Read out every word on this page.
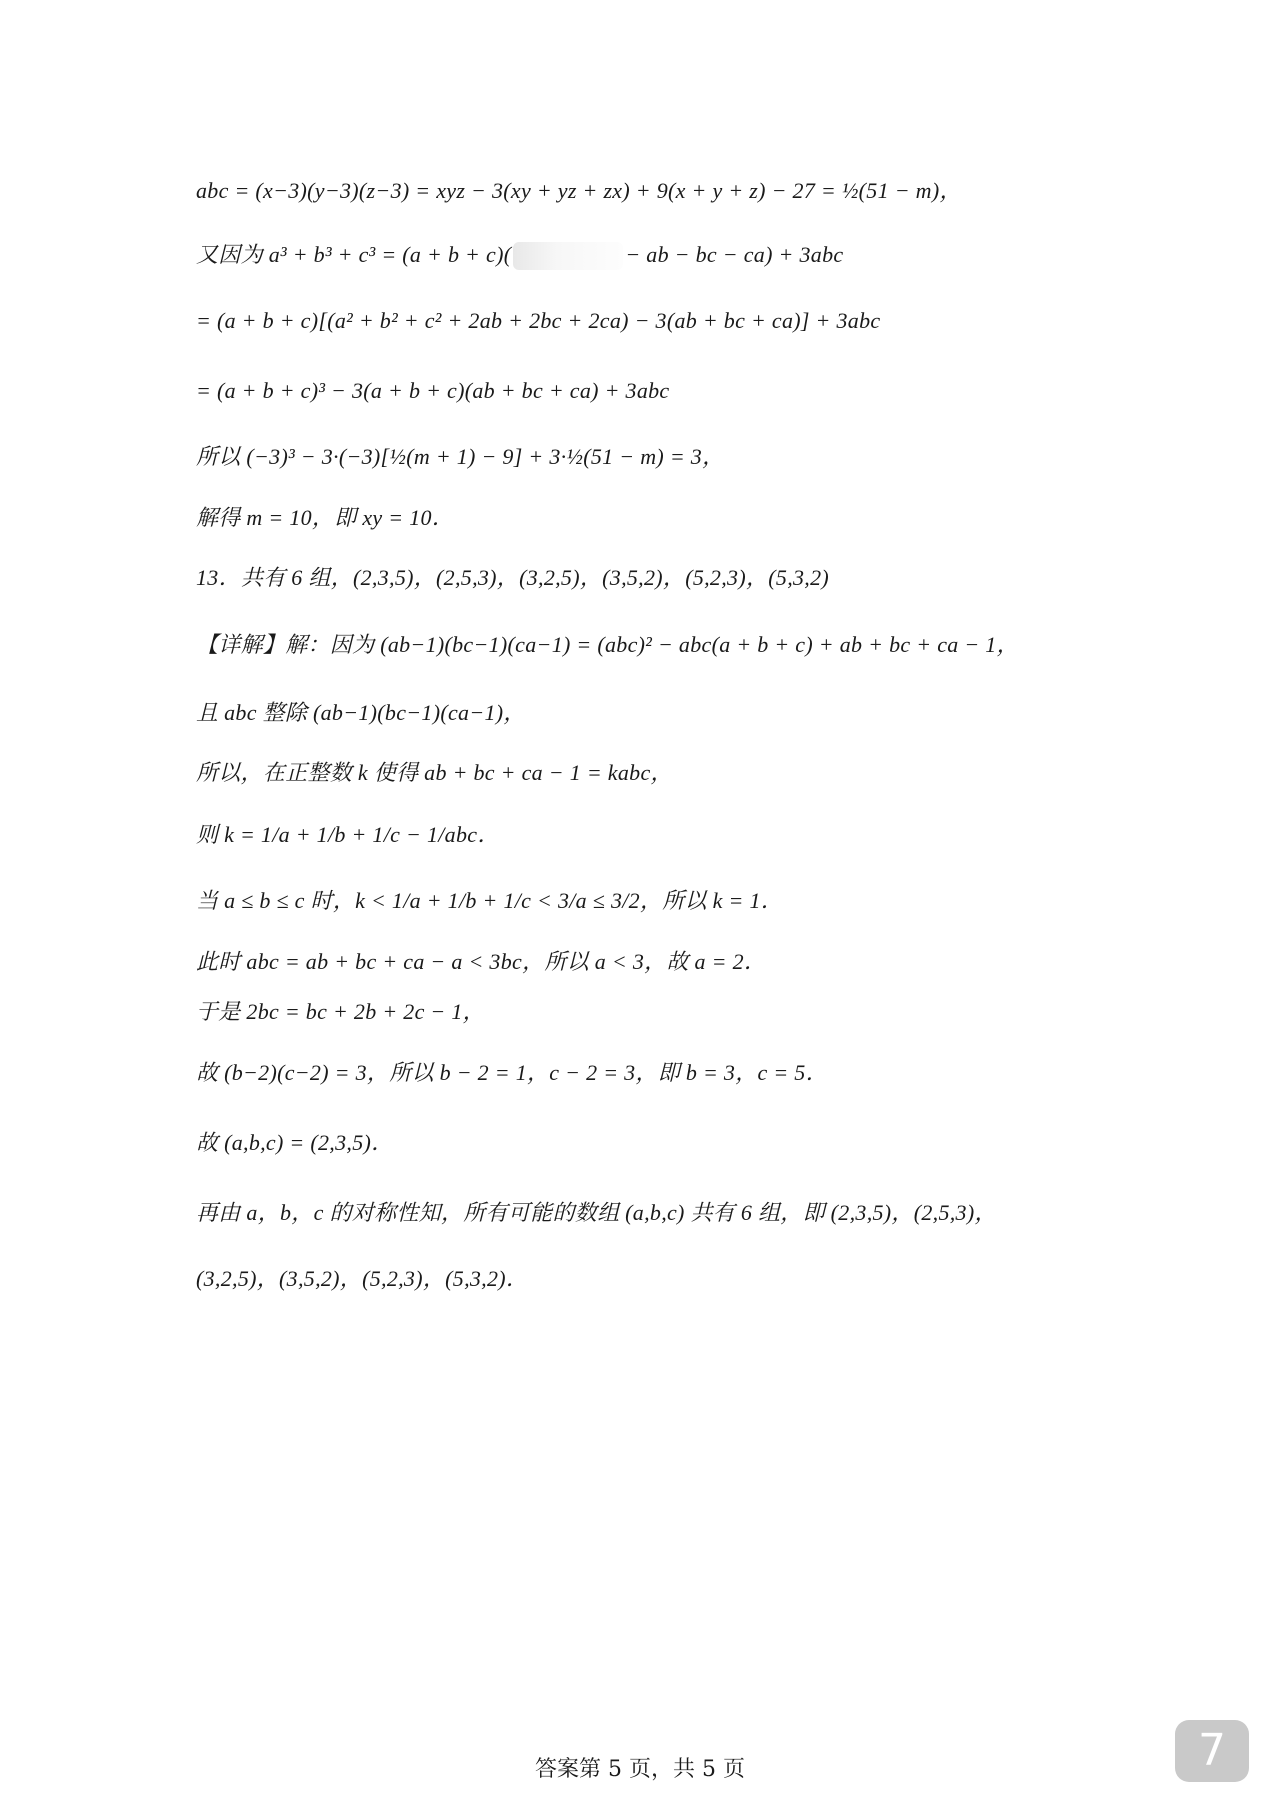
abc = (x−3)(y−3)(z−3) = xyz − 3(xy + yz + zx) + 9(x + y + z) − 27 = ½(51 − m)，
又因为 a³ + b³ + c³ = (a + b + c)(	− ab − bc − ca) + 3abc
= (a + b + c)[(a² + b² + c² + 2ab + 2bc + 2ca) − 3(ab + bc + ca)] + 3abc
= (a + b + c)³ − 3(a + b + c)(ab + bc + ca) + 3abc
所以 (−3)³ − 3·(−3)[½(m + 1) − 9] + 3·½(51 − m) = 3，
解得 m = 10，即 xy = 10．
13．共有 6 组，(2,3,5)，(2,5,3)，(3,2,5)，(3,5,2)，(5,2,3)，(5,3,2)
【详解】解：因为 (ab−1)(bc−1)(ca−1) = (abc)² − abc(a + b + c) + ab + bc + ca − 1，
且 abc 整除 (ab−1)(bc−1)(ca−1)，
所以，在正整数 k 使得 ab + bc + ca − 1 = kabc，
则 k = 1/a + 1/b + 1/c − 1/abc．
当 a ≤ b ≤ c 时，k < 1/a + 1/b + 1/c < 3/a ≤ 3/2，所以 k = 1．
此时 abc = ab + bc + ca − a < 3bc，所以 a < 3，故 a = 2．
于是 2bc = bc + 2b + 2c − 1，
故 (b−2)(c−2) = 3，所以 b − 2 = 1，c − 2 = 3，即 b = 3，c = 5．
故 (a,b,c) = (2,3,5)．
再由 a，b，c 的对称性知，所有可能的数组 (a,b,c) 共有 6 组，即 (2,3,5)，(2,5,3)，
(3,2,5)，(3,5,2)，(5,2,3)，(5,3,2)．
答案第 5 页，共 5 页	7
